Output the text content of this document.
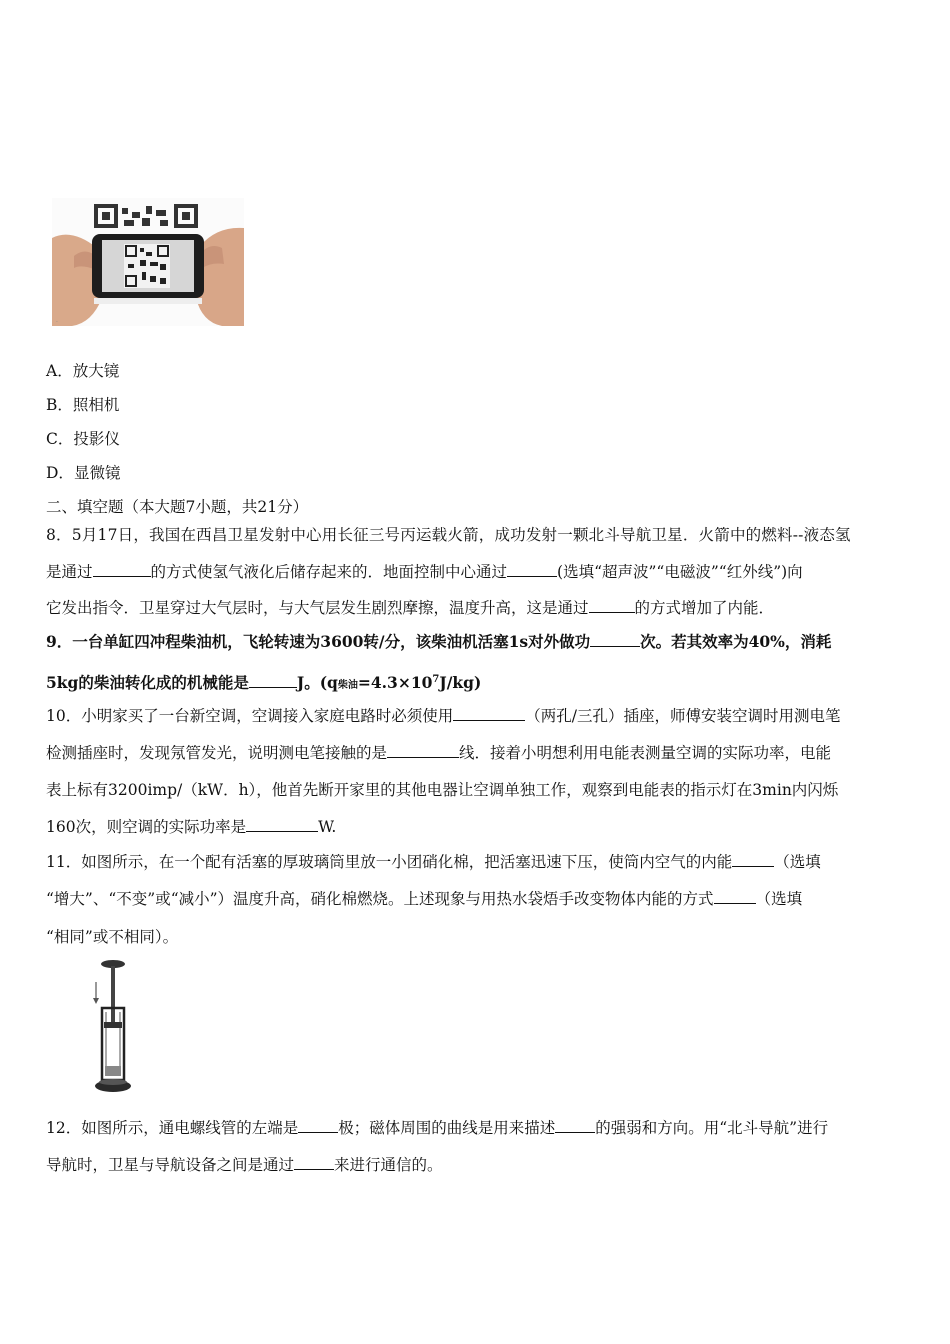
.
A．放大镜
B．照相机
C．投影仪
D．显微镜
二、填空题（本大题7小题，共21分）
8．5月17日，我国在西昌卫星发射中心用长征三号丙运载火箭，成功发射一颗北斗导航卫星．火箭中的燃料--液态氢
是通过	的方式使氢气液化后储存起来的．地面控制中心通过	(选填“超声波”“电磁波”“红外线”)向
它发出指令．卫星穿过大气层时，与大气层发生剧烈摩擦，温度升高，这是通过	的方式增加了内能．
9．一台单缸四冲程柴油机，飞轮转速为3600转/分，该柴油机活塞1s对外做功	次。若其效率为40%，消耗
5kg的柴油转化成的机械能是	J。(q柴油$=4.3\times 10^7J/kg$)
10．小明家买了一台新空调，空调接入家庭电路时必须使用	（两孔/三孔）插座，师傅安装空调时用测电笔
检测插座时，发现氖管发光，说明测电笔接触的是	线．接着小明想利用电能表测量空调的实际功率，电能
表上标有3200imp/（kW．h），他首先断开家里的其他电器让空调单独工作，观察到电能表的指示灯在3min内闪烁
160次，则空调的实际功率是	W.
11．如图所示，在一个配有活塞的厚玻璃筒里放一小团硝化棉，把活塞迅速下压，使筒内空气的内能	（选填
“增大”、“不变”或“减小”）温度升高，硝化棉燃烧。上述现象与用热水袋焐手改变物体内能的方式	（选填
“相同”或不相同）。
12．如图所示，通电螺线管的左端是	极；磁体周围的曲线是用来描述	的强弱和方向。用“北斗导航”进行
导航时，卫星与导航设备之间是通过	来进行通信的。
